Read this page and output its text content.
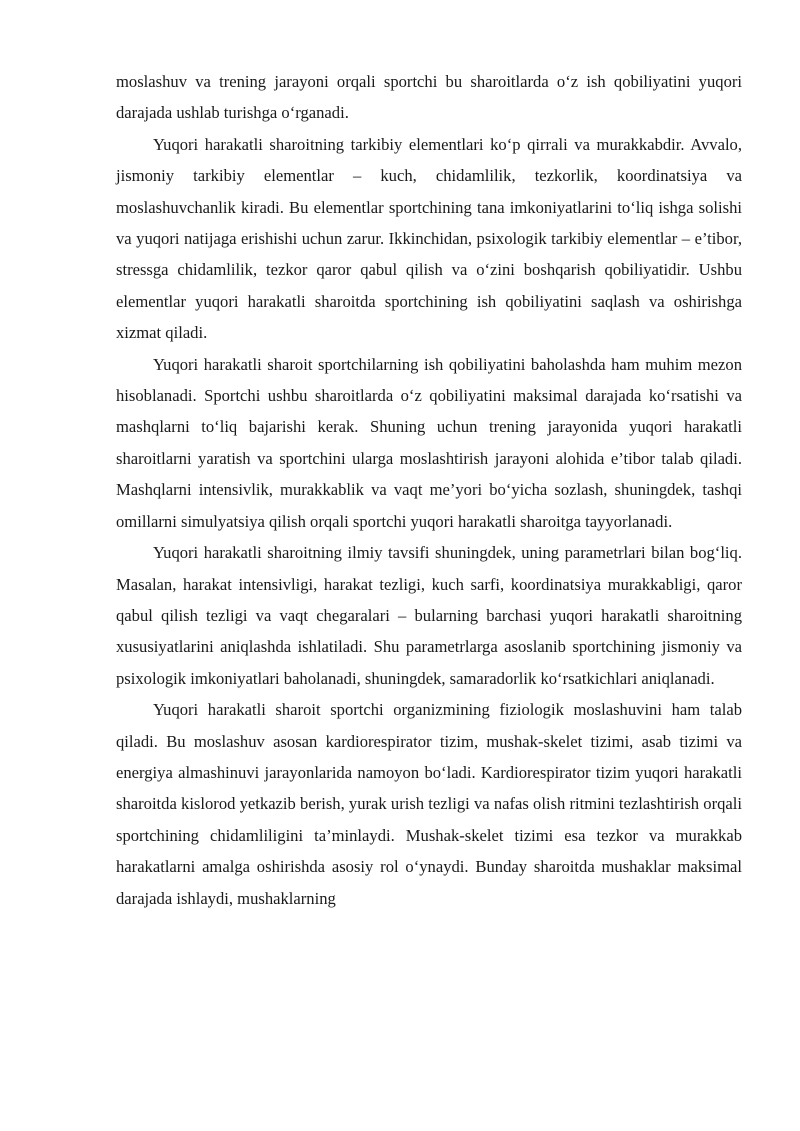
moslashuv va trening jarayoni orqali sportchi bu sharoitlarda o‘z ish qobiliyatini yuqori darajada ushlab turishga o‘rganadi.

Yuqori harakatli sharoitning tarkibiy elementlari ko‘p qirrali va murakkabdir. Avvalo, jismoniy tarkibiy elementlar – kuch, chidamlilik, tezkorlik, koordinatsiya va moslashuvchanlik kiradi. Bu elementlar sportchining tana imkoniyatlarini to‘liq ishga solishi va yuqori natijaga erishishi uchun zarur. Ikkinchidan, psixologik tarkibiy elementlar – e’tibor, stressga chidamlilik, tezkor qaror qabul qilish va o‘zini boshqarish qobiliyatidir. Ushbu elementlar yuqori harakatli sharoitda sportchining ish qobiliyatini saqlash va oshirishga xizmat qiladi.

Yuqori harakatli sharoit sportchilarning ish qobiliyatini baholashda ham muhim mezon hisoblanadi. Sportchi ushbu sharoitlarda o‘z qobiliyatini maksimal darajada ko‘rsatishi va mashqlarni to‘liq bajarishi kerak. Shuning uchun trening jarayonida yuqori harakatli sharoitlarni yaratish va sportchini ularga moslashtirish jarayoni alohida e’tibor talab qiladi. Mashqlarni intensivlik, murakkablik va vaqt me’yori bo‘yicha sozlash, shuningdek, tashqi omillarni simulyatsiya qilish orqali sportchi yuqori harakatli sharoitga tayyorlanadi.

Yuqori harakatli sharoitning ilmiy tavsifi shuningdek, uning parametrlari bilan bog‘liq. Masalan, harakat intensivligi, harakat tezligi, kuch sarfi, koordinatsiya murakkabligi, qaror qabul qilish tezligi va vaqt chegaralari – bularning barchasi yuqori harakatli sharoitning xususiyatlarini aniqlashda ishlatiladi. Shu parametrlarga asoslanib sportchining jismoniy va psixologik imkoniyatlari baholanadi, shuningdek, samaradorlik ko‘rsatkichlari aniqlanadi.

Yuqori harakatli sharoit sportchi organizmining fiziologik moslashuvini ham talab qiladi. Bu moslashuv asosan kardiorespirator tizim, mushak-skelet tizimi, asab tizimi va energiya almashinuvi jarayonlarida namoyon bo‘ladi. Kardiorespirator tizim yuqori harakatli sharoitda kislorod yetkazib berish, yurak urish tezligi va nafas olish ritmini tezlashtirish orqali sportchining chidamliligini ta’minlaydi. Mushak-skelet tizimi esa tezkor va murakkab harakatlarni amalga oshirishda asosiy rol o‘ynaydi. Bunday sharoitda mushaklar maksimal darajada ishlaydi, mushaklarning
